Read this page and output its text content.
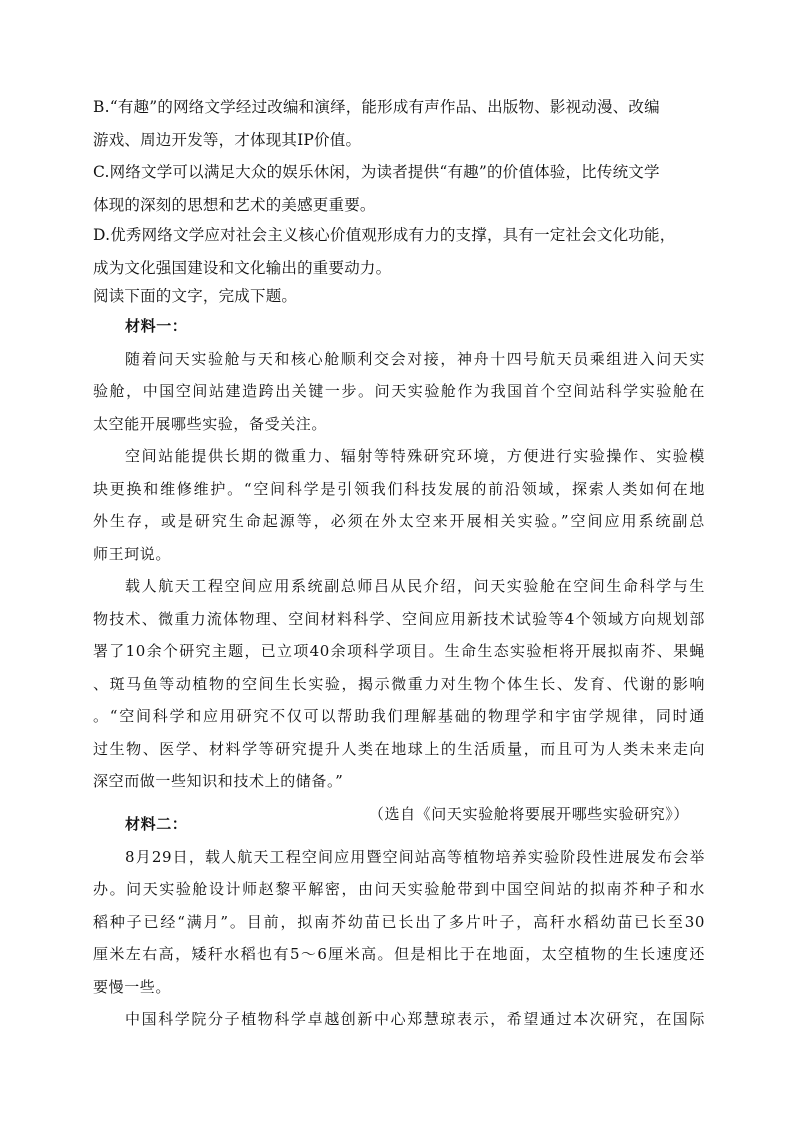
B.“有趣”的网络文学经过改编和演绎，能形成有声作品、出版物、影视动漫、改编
游戏、周边开发等，才体现其IP价值。
C.网络文学可以满足大众的娱乐休闲，为读者提供“有趣”的价值体验，比传统文学
体现的深刻的思想和艺术的美感更重要。
D.优秀网络文学应对社会主义核心价值观形成有力的支撑，具有一定社会文化功能，
成为文化强国建设和文化输出的重要动力。
阅读下面的文字，完成下题。
材料一：
随着问天实验舱与天和核心舱顺利交会对接，神舟十四号航天员乘组进入问天实
验舱，中国空间站建造跨出关键一步。问天实验舱作为我国首个空间站科学实验舱在
太空能开展哪些实验，备受关注。
空间站能提供长期的微重力、辐射等特殊研究环境，方便进行实验操作、实验模
块更换和维修维护。“空间科学是引领我们科技发展的前沿领域，探索人类如何在地
外生存，或是研究生命起源等，必须在外太空来开展相关实验。”空间应用系统副总
师王珂说。
载人航天工程空间应用系统副总师吕从民介绍，问天实验舱在空间生命科学与生
物技术、微重力流体物理、空间材料科学、空间应用新技术试验等4个领域方向规划部
署了10余个研究主题，已立项40余项科学项目。生命生态实验柜将开展拟南芥、果蝇
、斑马鱼等动植物的空间生长实验，揭示微重力对生物个体生长、发育、代谢的影响
。“空间科学和应用研究不仅可以帮助我们理解基础的物理学和宇宙学规律，同时通
过生物、医学、材料学等研究提升人类在地球上的生活质量，而且可为人类未来走向
深空而做一些知识和技术上的储备。”
（选自《问天实验舱将要展开哪些实验研究》）
材料二：
8月29日，载人航天工程空间应用暨空间站高等植物培养实验阶段性进展发布会举
办。问天实验舱设计师赵黎平解密，由问天实验舱带到中国空间站的拟南芥种子和水
稻种子已经“满月”。目前，拟南芥幼苗已长出了多片叶子，高秆水稻幼苗已长至30
厘米左右高，矮秆水稻也有5～6厘米高。但是相比于在地面，太空植物的生长速度还
要慢一些。
中国科学院分子植物科学卓越创新中心郑慧琼表示，希望通过本次研究，在国际
